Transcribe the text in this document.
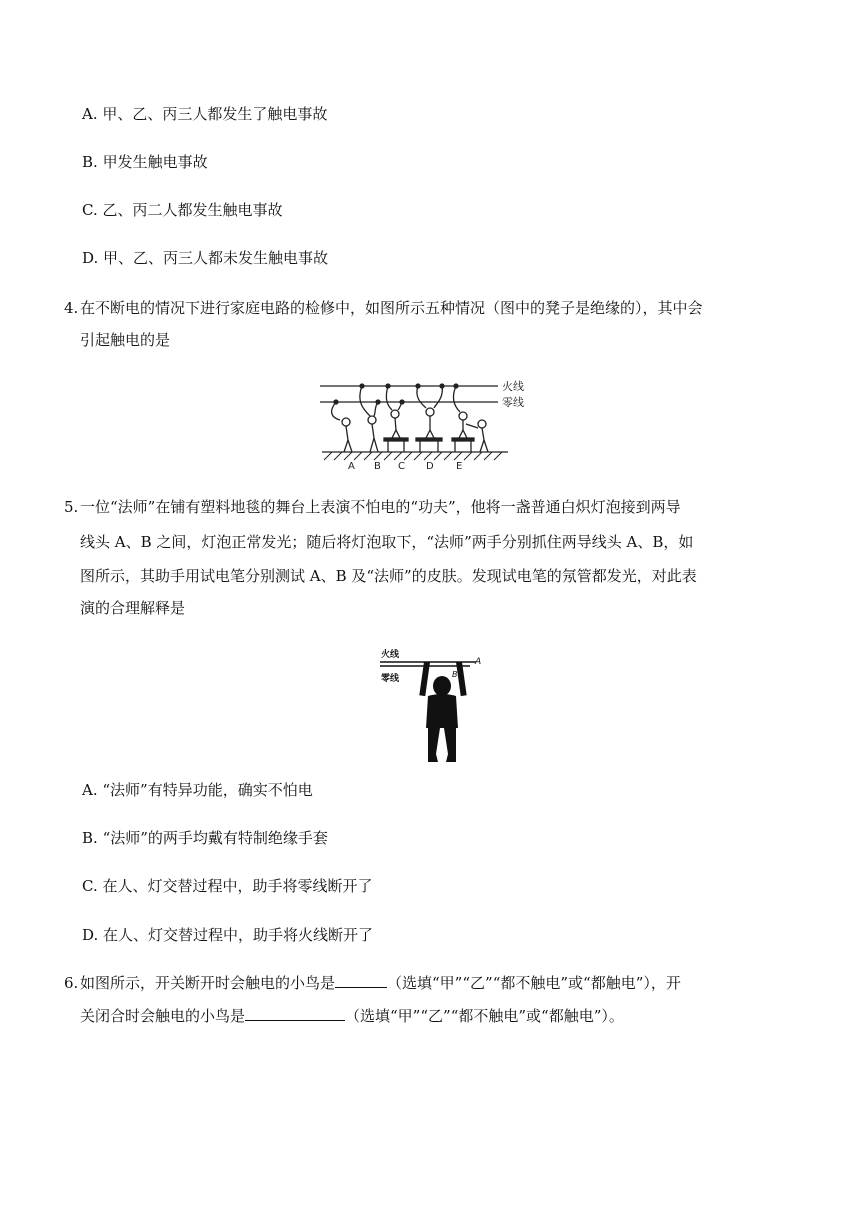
A. 甲、乙、丙三人都发生了触电事故
B. 甲发生触电事故
C. 乙、丙二人都发生触电事故
D. 甲、乙、丙三人都未发生触电事故
4. 在不断电的情况下进行家庭电路的检修中，如图所示五种情况（图中的凳子是绝缘的），其中会
引起触电的是
火线
零线
A B C D E
5. 一位“法师”在铺有塑料地毯的舞台上表演不怕电的“功夫”，他将一盏普通白炽灯泡接到两导
线头 A、B 之间，灯泡正常发光；随后将灯泡取下，“法师”两手分别抓住两导线头 A、B，如
图所示，其助手用试电笔分别测试 A、B 及“法师”的皮肤。发现试电笔的氖管都发光，对此表
演的合理解释是
火线
零线
A
B
A. “法师”有特异功能，确实不怕电
B. “法师”的两手均戴有特制绝缘手套
C. 在人、灯交替过程中，助手将零线断开了
D. 在人、灯交替过程中，助手将火线断开了
6. 如图所示，开关断开时会触电的小鸟是	（选填“甲”“乙”“都不触电”或“都触电”），开
关闭合时会触电的小鸟是	（选填“甲”“乙”“都不触电”或“都触电”）。
